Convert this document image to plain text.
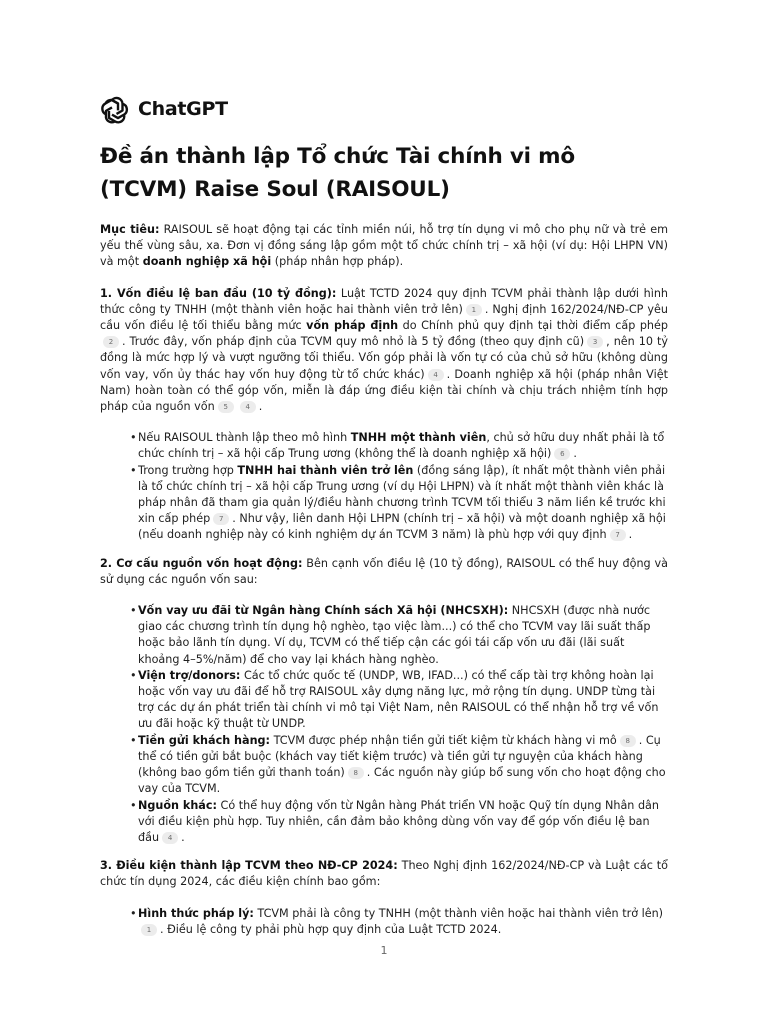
ChatGPT
Đề án thành lập Tổ chức Tài chính vi mô (TCVM) Raise Soul (RAISOUL)

Mục tiêu: RAISOUL sẽ hoạt động tại các tỉnh miền núi, hỗ trợ tín dụng vi mô cho phụ nữ và trẻ em yếu thế vùng sâu, xa. Đơn vị đồng sáng lập gồm một tổ chức chính trị – xã hội (ví dụ: Hội LHPN VN) và một doanh nghiệp xã hội (pháp nhân hợp pháp).

1. Vốn điều lệ ban đầu (10 tỷ đồng): Luật TCTD 2024 quy định TCVM phải thành lập dưới hình thức công ty TNHH (một thành viên hoặc hai thành viên trở lên) 1 . Nghị định 162/2024/NĐ-CP yêu cầu vốn điều lệ tối thiểu bằng mức vốn pháp định do Chính phủ quy định tại thời điểm cấp phép2 . Trước đây, vốn pháp định của TCVM quy mô nhỏ là 5 tỷ đồng (theo quy định cũ) 3 , nên 10 tỷ đồng là mức hợp lý và vượt ngưỡng tối thiểu. Vốn góp phải là vốn tự có của chủ sở hữu (không dùng vốn vay, vốn ủy thác hay vốn huy động từ tổ chức khác) 4 . Doanh nghiệp xã hội (pháp nhân Việt Nam) hoàn toàn có thể góp vốn, miễn là đáp ứng điều kiện tài chính và chịu trách nhiệm tính hợp pháp của nguồn vốn 5	4 .

• Nếu RAISOUL thành lập theo mô hình TNHH một thành viên, chủ sở hữu duy nhất phải là tổ chức chính trị – xã hội cấp Trung ương (không thể là doanh nghiệp xã hội) 6 .
• Trong trường hợp TNHH hai thành viên trở lên (đồng sáng lập), ít nhất một thành viên phải là tổ chức chính trị – xã hội cấp Trung ương (ví dụ Hội LHPN) và ít nhất một thành viên khác là pháp nhân đã tham gia quản lý/điều hành chương trình TCVM tối thiểu 3 năm liền kề trước khi xin cấp phép 7 . Như vậy, liên danh Hội LHPN (chính trị – xã hội) và một doanh nghiệp xã hội (nếu doanh nghiệp này có kinh nghiệm dự án TCVM 3 năm) là phù hợp với quy định 7 .

2. Cơ cấu nguồn vốn hoạt động: Bên cạnh vốn điều lệ (10 tỷ đồng), RAISOUL có thể huy động và sử dụng các nguồn vốn sau:

• Vốn vay ưu đãi từ Ngân hàng Chính sách Xã hội (NHCSXH): NHCSXH (được nhà nước giao các chương trình tín dụng hộ nghèo, tạo việc làm...) có thể cho TCVM vay lãi suất thấp hoặc bảo lãnh tín dụng. Ví dụ, TCVM có thể tiếp cận các gói tái cấp vốn ưu đãi (lãi suất khoảng 4–5%/năm) để cho vay lại khách hàng nghèo.
• Viện trợ/donors: Các tổ chức quốc tế (UNDP, WB, IFAD...) có thể cấp tài trợ không hoàn lại hoặc vốn vay ưu đãi để hỗ trợ RAISOUL xây dựng năng lực, mở rộng tín dụng. UNDP từng tài trợ các dự án phát triển tài chính vi mô tại Việt Nam, nên RAISOUL có thể nhận hỗ trợ về vốn ưu đãi hoặc kỹ thuật từ UNDP.
• Tiền gửi khách hàng: TCVM được phép nhận tiền gửi tiết kiệm từ khách hàng vi mô 8 . Cụ thể có tiền gửi bắt buộc (khách vay tiết kiệm trước) và tiền gửi tự nguyện của khách hàng (không bao gồm tiền gửi thanh toán) 8 . Các nguồn này giúp bổ sung vốn cho hoạt động cho vay của TCVM.
• Nguồn khác: Có thể huy động vốn từ Ngân hàng Phát triển VN hoặc Quỹ tín dụng Nhân dân với điều kiện phù hợp. Tuy nhiên, cần đảm bảo không dùng vốn vay để góp vốn điều lệ ban đầu 4 .

3. Điều kiện thành lập TCVM theo NĐ-CP 2024: Theo Nghị định 162/2024/NĐ-CP và Luật các tổ chức tín dụng 2024, các điều kiện chính bao gồm:

• Hình thức pháp lý: TCVM phải là công ty TNHH (một thành viên hoặc hai thành viên trở lên)1 . Điều lệ công ty phải phù hợp quy định của Luật TCTD 2024.
1
